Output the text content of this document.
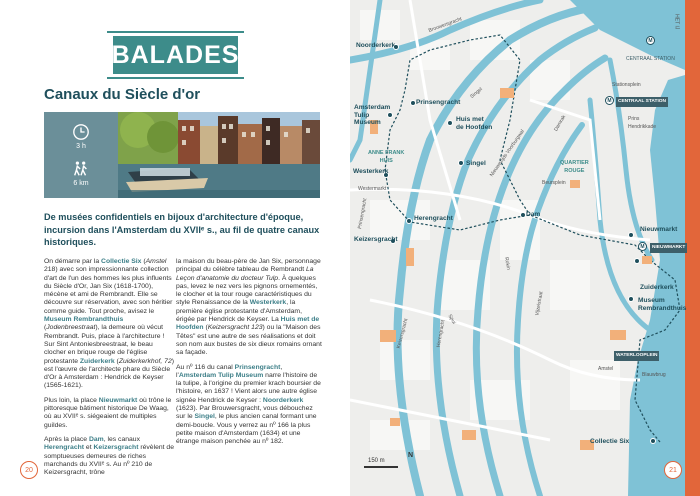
BALADES
Canaux du Siècle d'or
3 h
6 km
De musées confidentiels en bijoux d'architecture d'époque, incursion dans l'Amsterdam du XVIIᵉ s., au fil de quatre canaux historiques.

On démarre par la Collectie Six (Amstel 218) avec son impressionnante collection d'art de l'un des hommes les plus influents du Siècle d'Or, Jan Six (1618-1700), mécène et ami de Rembrandt. Elle se découvre sur réservation, avec son héritier comme guide. Tout proche, avisez le Museum Rembrandthuis (Jodenbreestraat), la demeure où vécut Rembrandt. Puis, place à l'architecture ! Sur Sint Antoniesbreestraat, le beau clocher en brique rouge de l'église protestante Zuiderkerk (Zuiderkerkhof, 72) est l'œuvre de l'architecte phare du Siècle d'Or à Amsterdam : Hendrick de Keyser (1565-1621).

Plus loin, la place Nieuwmarkt où trône le pittoresque bâtiment historique De Waag, où au XVIIᵉ s. siégeaient de multiples guildes.

Après la place Dam, les canaux Herengracht et Keizersgracht révèlent de somptueuses demeures de riches marchands du XVIIᵉ s. Au nº 210 de Keizersgracht, trône

la maison du beau-père de Jan Six, personnage principal du célèbre tableau de Rembrandt La Leçon d'anatomie du docteur Tulp. À quelques pas, levez le nez vers les pignons ornementés, le clocher et la tour rouge caractéristiques du style Renaissance de la Westerkerk, la première église protestante d'Amsterdam, érigée par Hendrick de Keyser. La Huis met de Hoofden (Keizersgracht 123) ou la "Maison des Têtes" est une autre de ses réalisations et doit son nom aux bustes de six dieux romains ornant sa façade.

Au nº 116 du canal Prinsengracht, l'Amsterdam Tulip Museum narre l'histoire de la tulipe, à l'origine du premier krach boursier de l'histoire, en 1637 ! Vient alors une autre église signée Hendrick de Keyser : Noorderkerk (1623). Par Brouwersgracht, vous débouchez sur le Singel, le plus ancien canal formant une demi-boucle. Vous y verrez au nº 166 la plus petite maison d'Amsterdam (1634) et une étrange maison penchée au nº 182.

20
Noorderkerk
Prinsengracht
Amsterdam
Tulip
Museum	Huis met
de Hoofden
Westerkerk
Singel
Herengracht
Dam
Keizersgracht
Nieuwmarkt
Zuiderkerk
Museum
Rembrandthuis
Collectie Six
ANNE FRANK
HUIS	QUARTIER
ROUGE
Westermarkt
Beursplein
Amstel
Blauwbrug
Stationsplein
Prins
Hendrikkade
Damrak
Spui
Rokin
Singel
Prinsengracht
Keizersgracht	Herengracht
Vijzelstraat
Nieuwezijds Voorburgwal
Brouwersgracht	HET IJ
CENTRAAL STATION
CENTRAAL STATION
NIEUWMARKT
WATERLOOPLEIN
M
M
M
150 m
N
21
